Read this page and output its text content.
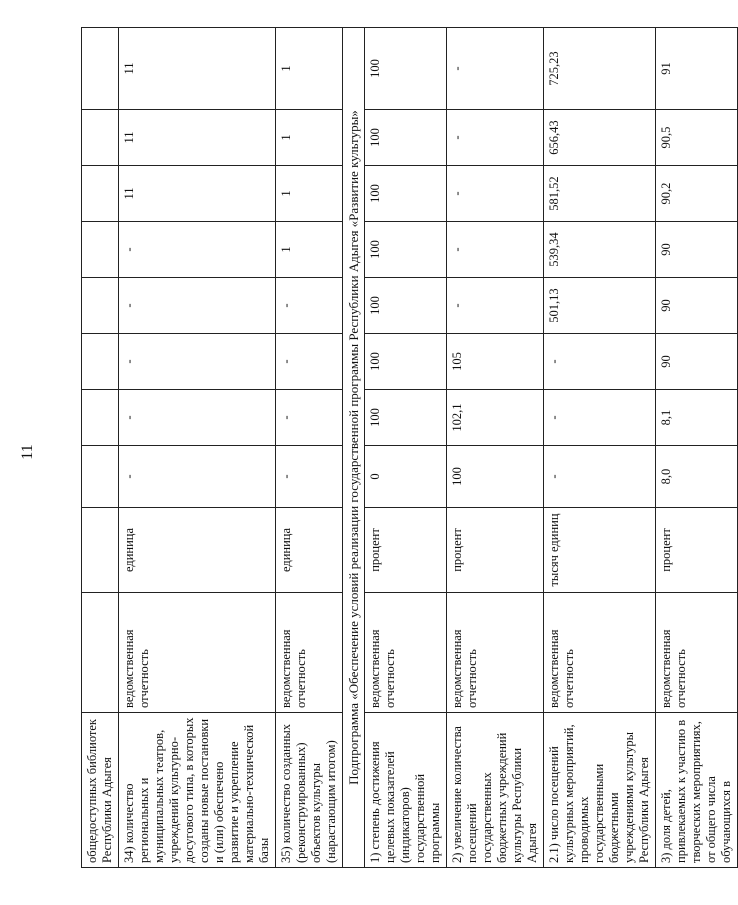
11
общедоступных библиотек Республики Адыгея										
34) количество региональных и муниципальных театров, учреждений культурно-досугового типа, в которых созданы новые постановки и (или) обеспечено развитие и укрепление материально-технической базы	ведомственная отчетность	единица	-	-	-	-	-	11	11	11
35) количество созданных (реконструированных) объектов культуры (нарастающим итогом)	ведомственная отчетность	единица	-	-	-	-	1	1	1	1
Подпрограмма «Обеспечение условий реализации государственной программы Республики Адыгея «Развитие культуры»										
1) степень достижения целевых показателей (индикаторов) государственной программы	ведомственная отчетность	процент	0	100	100	100	100	100	100	100
2) увеличение количества посещений государственных бюджетных учреждений культуры Республики Адыгея	ведомственная отчетность	процент	100	102,1	105	-	-	-	-	-
2.1) число посещений культурных мероприятий, проводимых государственными бюджетными учреждениями культуры Республики Адыгея	ведомственная отчетность	тысяч единиц	-	-	-	501,13	539,34	581,52	656,43	725,23
3) доля детей, привлекаемых к участию в творческих мероприятиях, от общего числа обучающихся в	ведомственная отчетность	процент	8,0	8,1	90	90	90	90,2	90,5	91
